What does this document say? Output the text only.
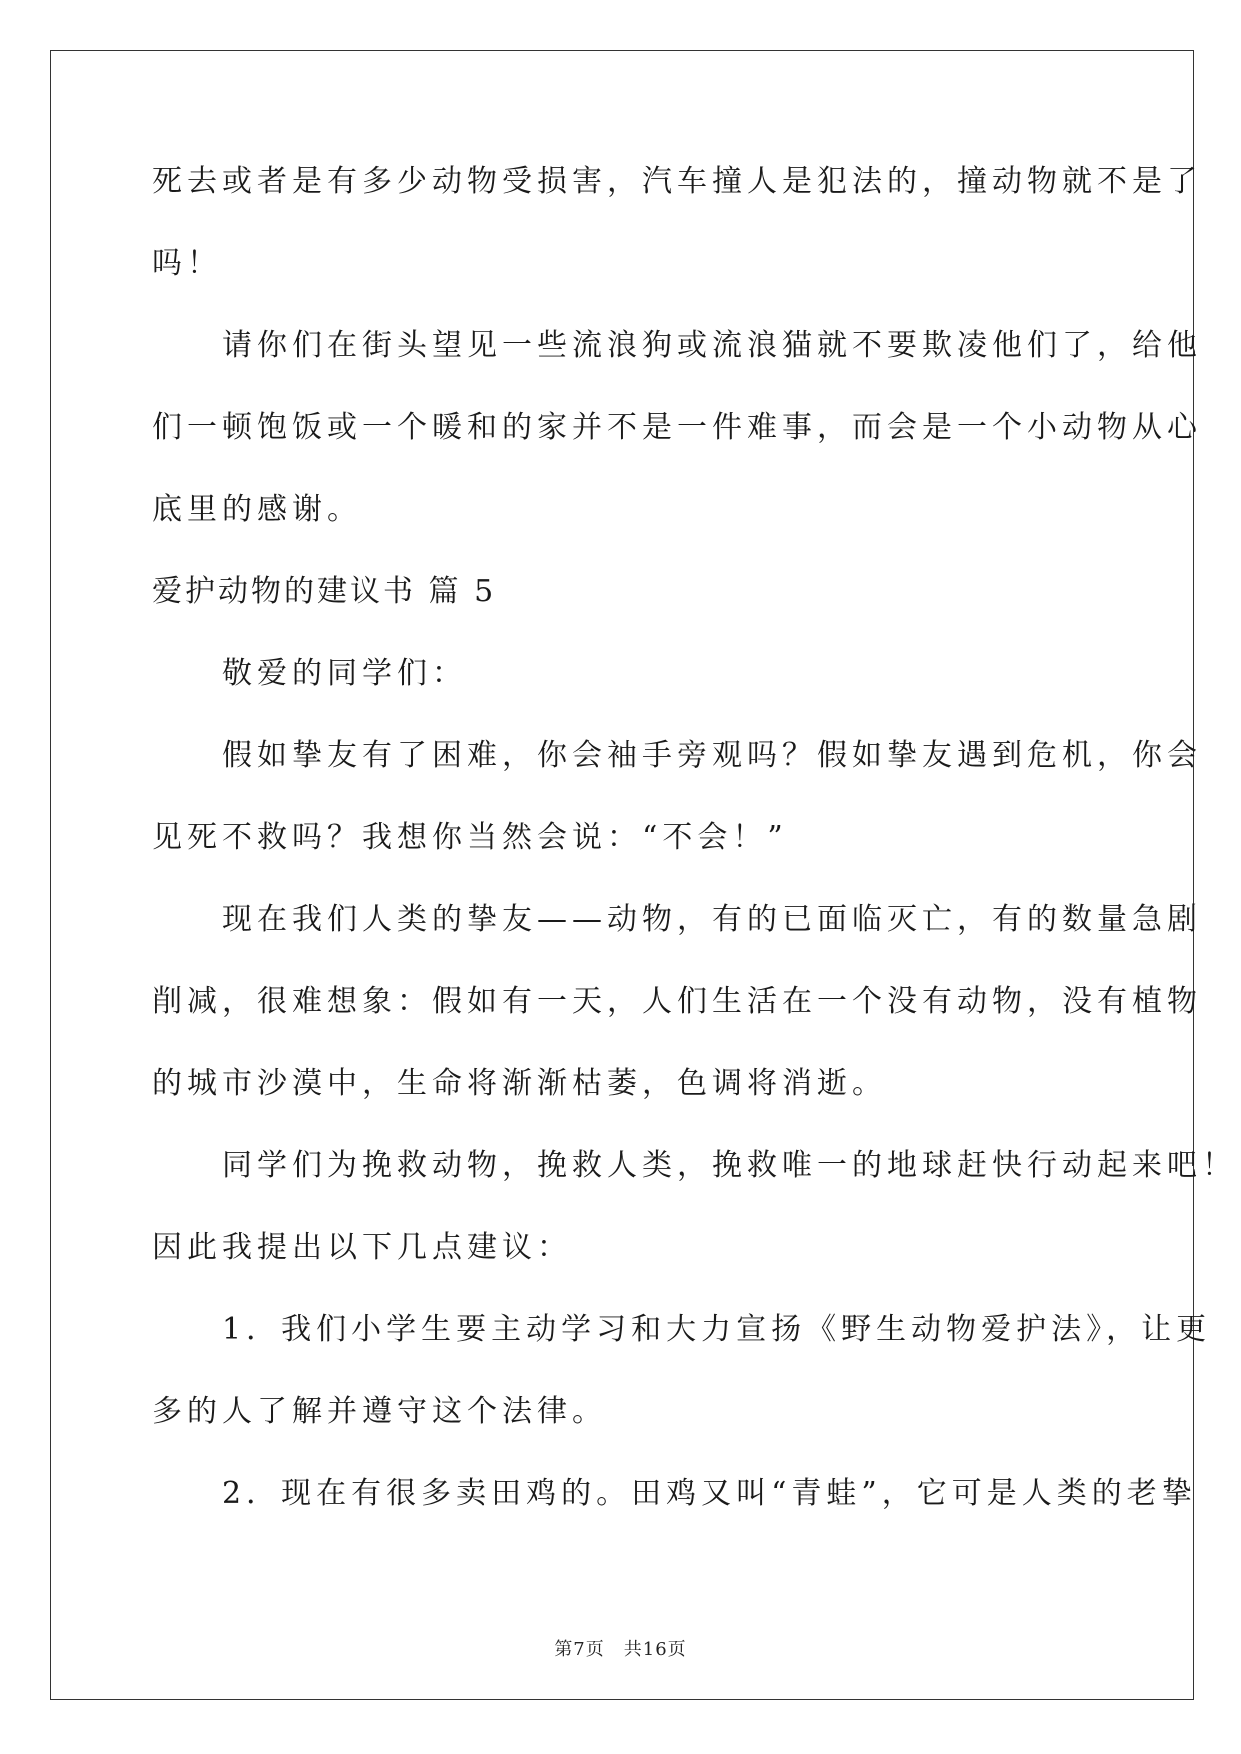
死去或者是有多少动物受损害，汽车撞人是犯法的，撞动物就不是了
吗！
　　请你们在街头望见一些流浪狗或流浪猫就不要欺凌他们了，给他
们一顿饱饭或一个暖和的家并不是一件难事，而会是一个小动物从心
底里的感谢。
爱护动物的建议书 篇 5
　　敬爱的同学们：
　　假如挚友有了困难，你会袖手旁观吗？假如挚友遇到危机，你会
见死不救吗？我想你当然会说：“不会！”
　　现在我们人类的挚友——动物，有的已面临灭亡，有的数量急剧
削减，很难想象：假如有一天，人们生活在一个没有动物，没有植物
的城市沙漠中，生命将渐渐枯萎，色调将消逝。
　　同学们为挽救动物，挽救人类，挽救唯一的地球赶快行动起来吧！
因此我提出以下几点建议：
　　1．我们小学生要主动学习和大力宣扬《野生动物爱护法》，让更
多的人了解并遵守这个法律。
　　2．现在有很多卖田鸡的。田鸡又叫“青蛙”，它可是人类的老挚
第7页　共16页
